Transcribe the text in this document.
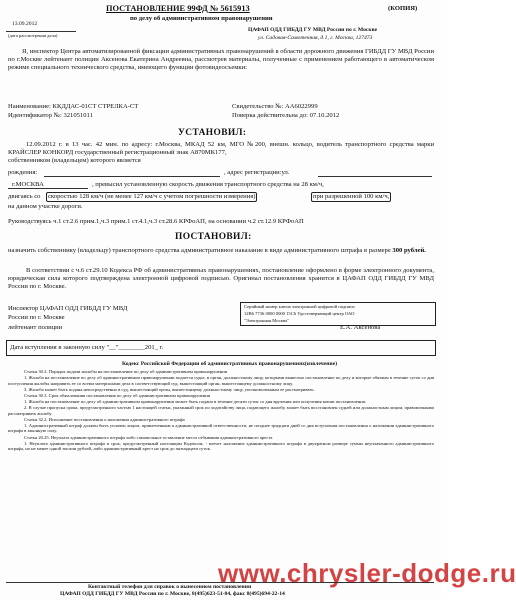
ПОСТАНОВЛЕНИЕ 99ФД № 5615913	(КОПИЯ)
по делу об административном правонарушении
13.09.2012
(дата рассмотрения дела)
ЦАФАП ОДД ГИБДД ГУ МВД России по г. Москве
ул. Садовая-Самотечная, д.1, г. Москва, 127473
Я, инспектор Центра автоматизированной фиксации административных правонарушений в области дорожного движения ГИБДД ГУ МВД России по г.Москве лейтенант полиции Аксенова Екатерина Андреевна, рассмотрев материалы, полученные с применением работающего в автоматическом режиме специального технического средства, имеющего функции фотовидеосъемки:
Наименование: ККДДАС-01СТ СТРЕЛКА-СТ
Идентификатор №: 321051011
Свидетельство №: АА6022999
Поверка действительна до: 07.10.2012
УСТАНОВИЛ:
12.09.2012 г. в 13 час. 42 мин. по адресу: г.Москва, МКАД 52 км, МГО №200, внешн. кольцо, водитель транспортного средства марки КРАЙСЛЕР КОНКОРД государственный регистрационный знак А870МК177,
собственником (владельцем) которого является
рождения:	, адрес регистрации:ул.
г.МОСКВА	, превысил установленную скорость движения транспортного средства на 28 км/ч,
двигаясь со	скоростью 128 км/ч (не менее 127 км/ч с учетом погрешности измерения)	при разрешенной 100 км/ч,
на данном участке дороги.
Руководствуясь ч.1 ст.2.6 прим.1,ч.3 прим.1 ст.4.1,ч.3 ст.28.6 КРФоАП, на основании ч.2 ст.12.9 КРФоАП
ПОСТАНОВИЛ:
назначить собственнику (владельцу) транспортного средства административное наказание в виде административного штрафа в размере 300 рублей.
В соответствии с ч.6 ст.29.10 Кодекса РФ об административных правонарушениях, постановление оформлено в форме электронного документа, юридическая сила которого подтверждена электронной цифровой подписью. Оригинал постановления хранится в ЦАФАП ОДД ГИБДД ГУ МВД России по г. Москве.
Инспектор ЦАФАП ОДД ГИБДД ГУ МВД
России по г. Москве
лейтенант полиции	Е.А. Аксенова
Серийный номер ключа электронной цифровой подписи
12B6 7736 0000 0000 15C6 Удостоверяющий центр ОАО
"Электронная Москва"
Дата вступления в законную силу "__"________201_ г.
Кодекс Российской Федерации об административных правонарушениях(извлечение)
Статья 30.2. Порядок подачи жалобы на постановление по делу об административном правонарушении
1. Жалоба на постановление по делу об административном правонарушении подается судье, в орган, должностному лицу, которыми вынесено постановление по делу и которые обязаны в течение суток со дня поступления жалобы направить ее со всеми материалами дела в соответствующий суд, вышестоящий орган, вышестоящему должностному лицу.
3. Жалоба может быть подана непосредственно в суд, вышестоящий орган, вышестоящему должностному лицу, уполномоченным ее рассматривать.
Статья 30.3. Срок обжалования постановления по делу об административном правонарушении
1. Жалоба на постановление по делу об административном правонарушении может быть подана в течение десяти суток со дня вручения или получения копии постановления.
2. В случае пропуска срока, предусмотренного частью 1 настоящей статьи, указанный срок по ходатайству лица, подающего жалобу, может быть восстановлен судьей или должностным лицом, правомочными рассматривать жалобу.
Статья 32.2. Исполнение постановления о наложении административного штрафа
1. Административный штраф должен быть уплачен лицом, привлеченным к административной ответственности, не позднее тридцати дней со дня вступления постановления о наложении административного штрафа в законную силу.
Статья 20.25. Неуплата административного штрафа либо самовольное оставление места отбывания административного ареста
1. Неуплата административного штрафа в срок, предусмотренный настоящим Кодексом, - влечет наложение административного штрафа в двукратном размере суммы неуплаченного административного штрафа, но не менее одной тысячи рублей, либо административный арест на срок до пятнадцати суток.
www.chrysler-dodge.ru
Контактный телефон для справок о вынесенном постановлении
ЦАФАП ОДД ГИБДД ГУ МВД России по г. Москве, 8(495)623-51-84, факс 8(495)694-22-14
